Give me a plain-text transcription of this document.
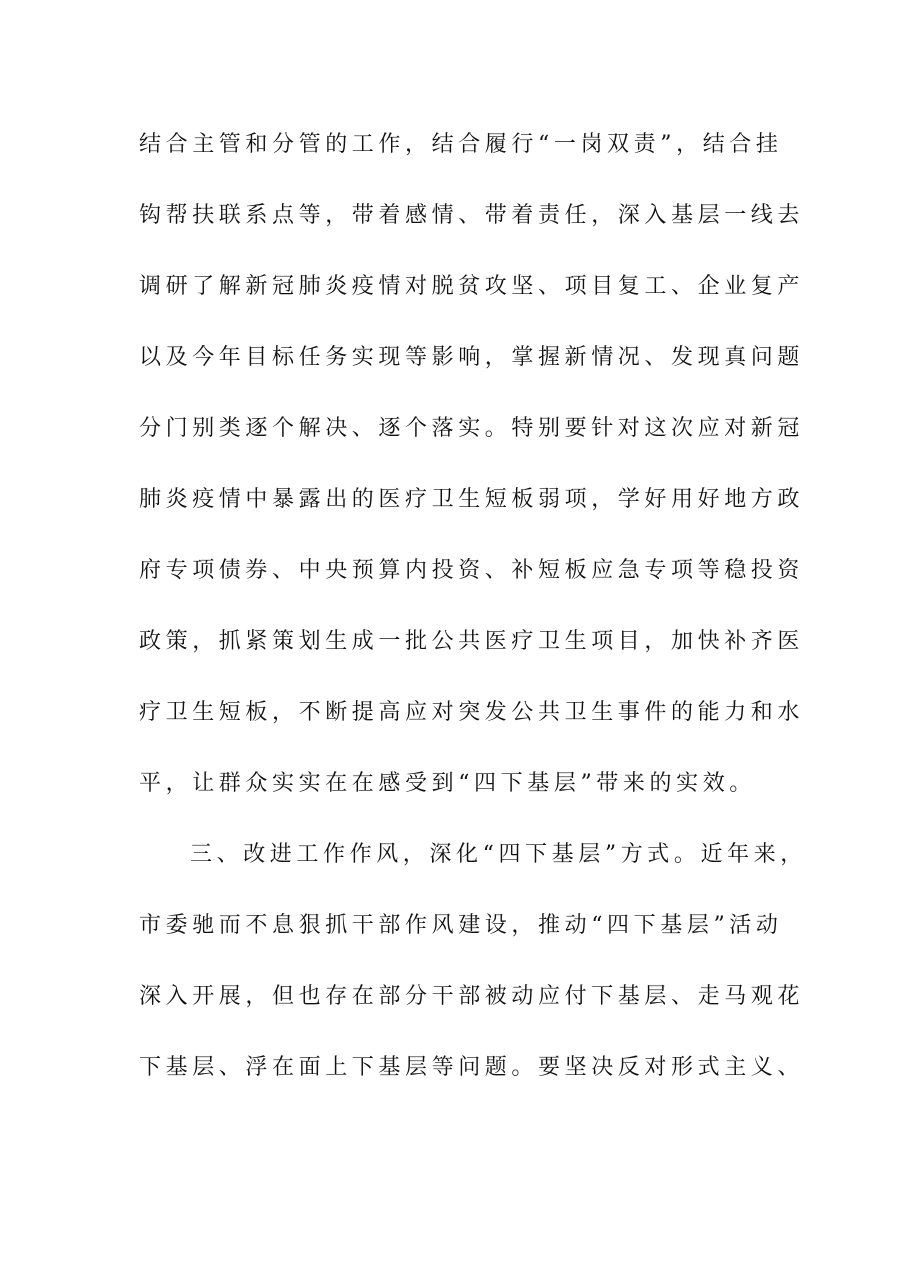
结合主管和分管的工作，结合履行“一岗双责”，结合挂
钩帮扶联系点等，带着感情、带着责任，深入基层一线去
调研了解新冠肺炎疫情对脱贫攻坚、项目复工、企业复产
以及今年目标任务实现等影响，掌握新情况、发现真问题
分门别类逐个解决、逐个落实。特别要针对这次应对新冠
肺炎疫情中暴露出的医疗卫生短板弱项，学好用好地方政
府专项债券、中央预算内投资、补短板应急专项等稳投资
政策，抓紧策划生成一批公共医疗卫生项目，加快补齐医
疗卫生短板，不断提高应对突发公共卫生事件的能力和水
平，让群众实实在在感受到“四下基层”带来的实效。
三、改进工作作风，深化“四下基层”方式。近年来，
市委驰而不息狠抓干部作风建设，推动“四下基层”活动
深入开展，但也存在部分干部被动应付下基层、走马观花
下基层、浮在面上下基层等问题。要坚决反对形式主义、
